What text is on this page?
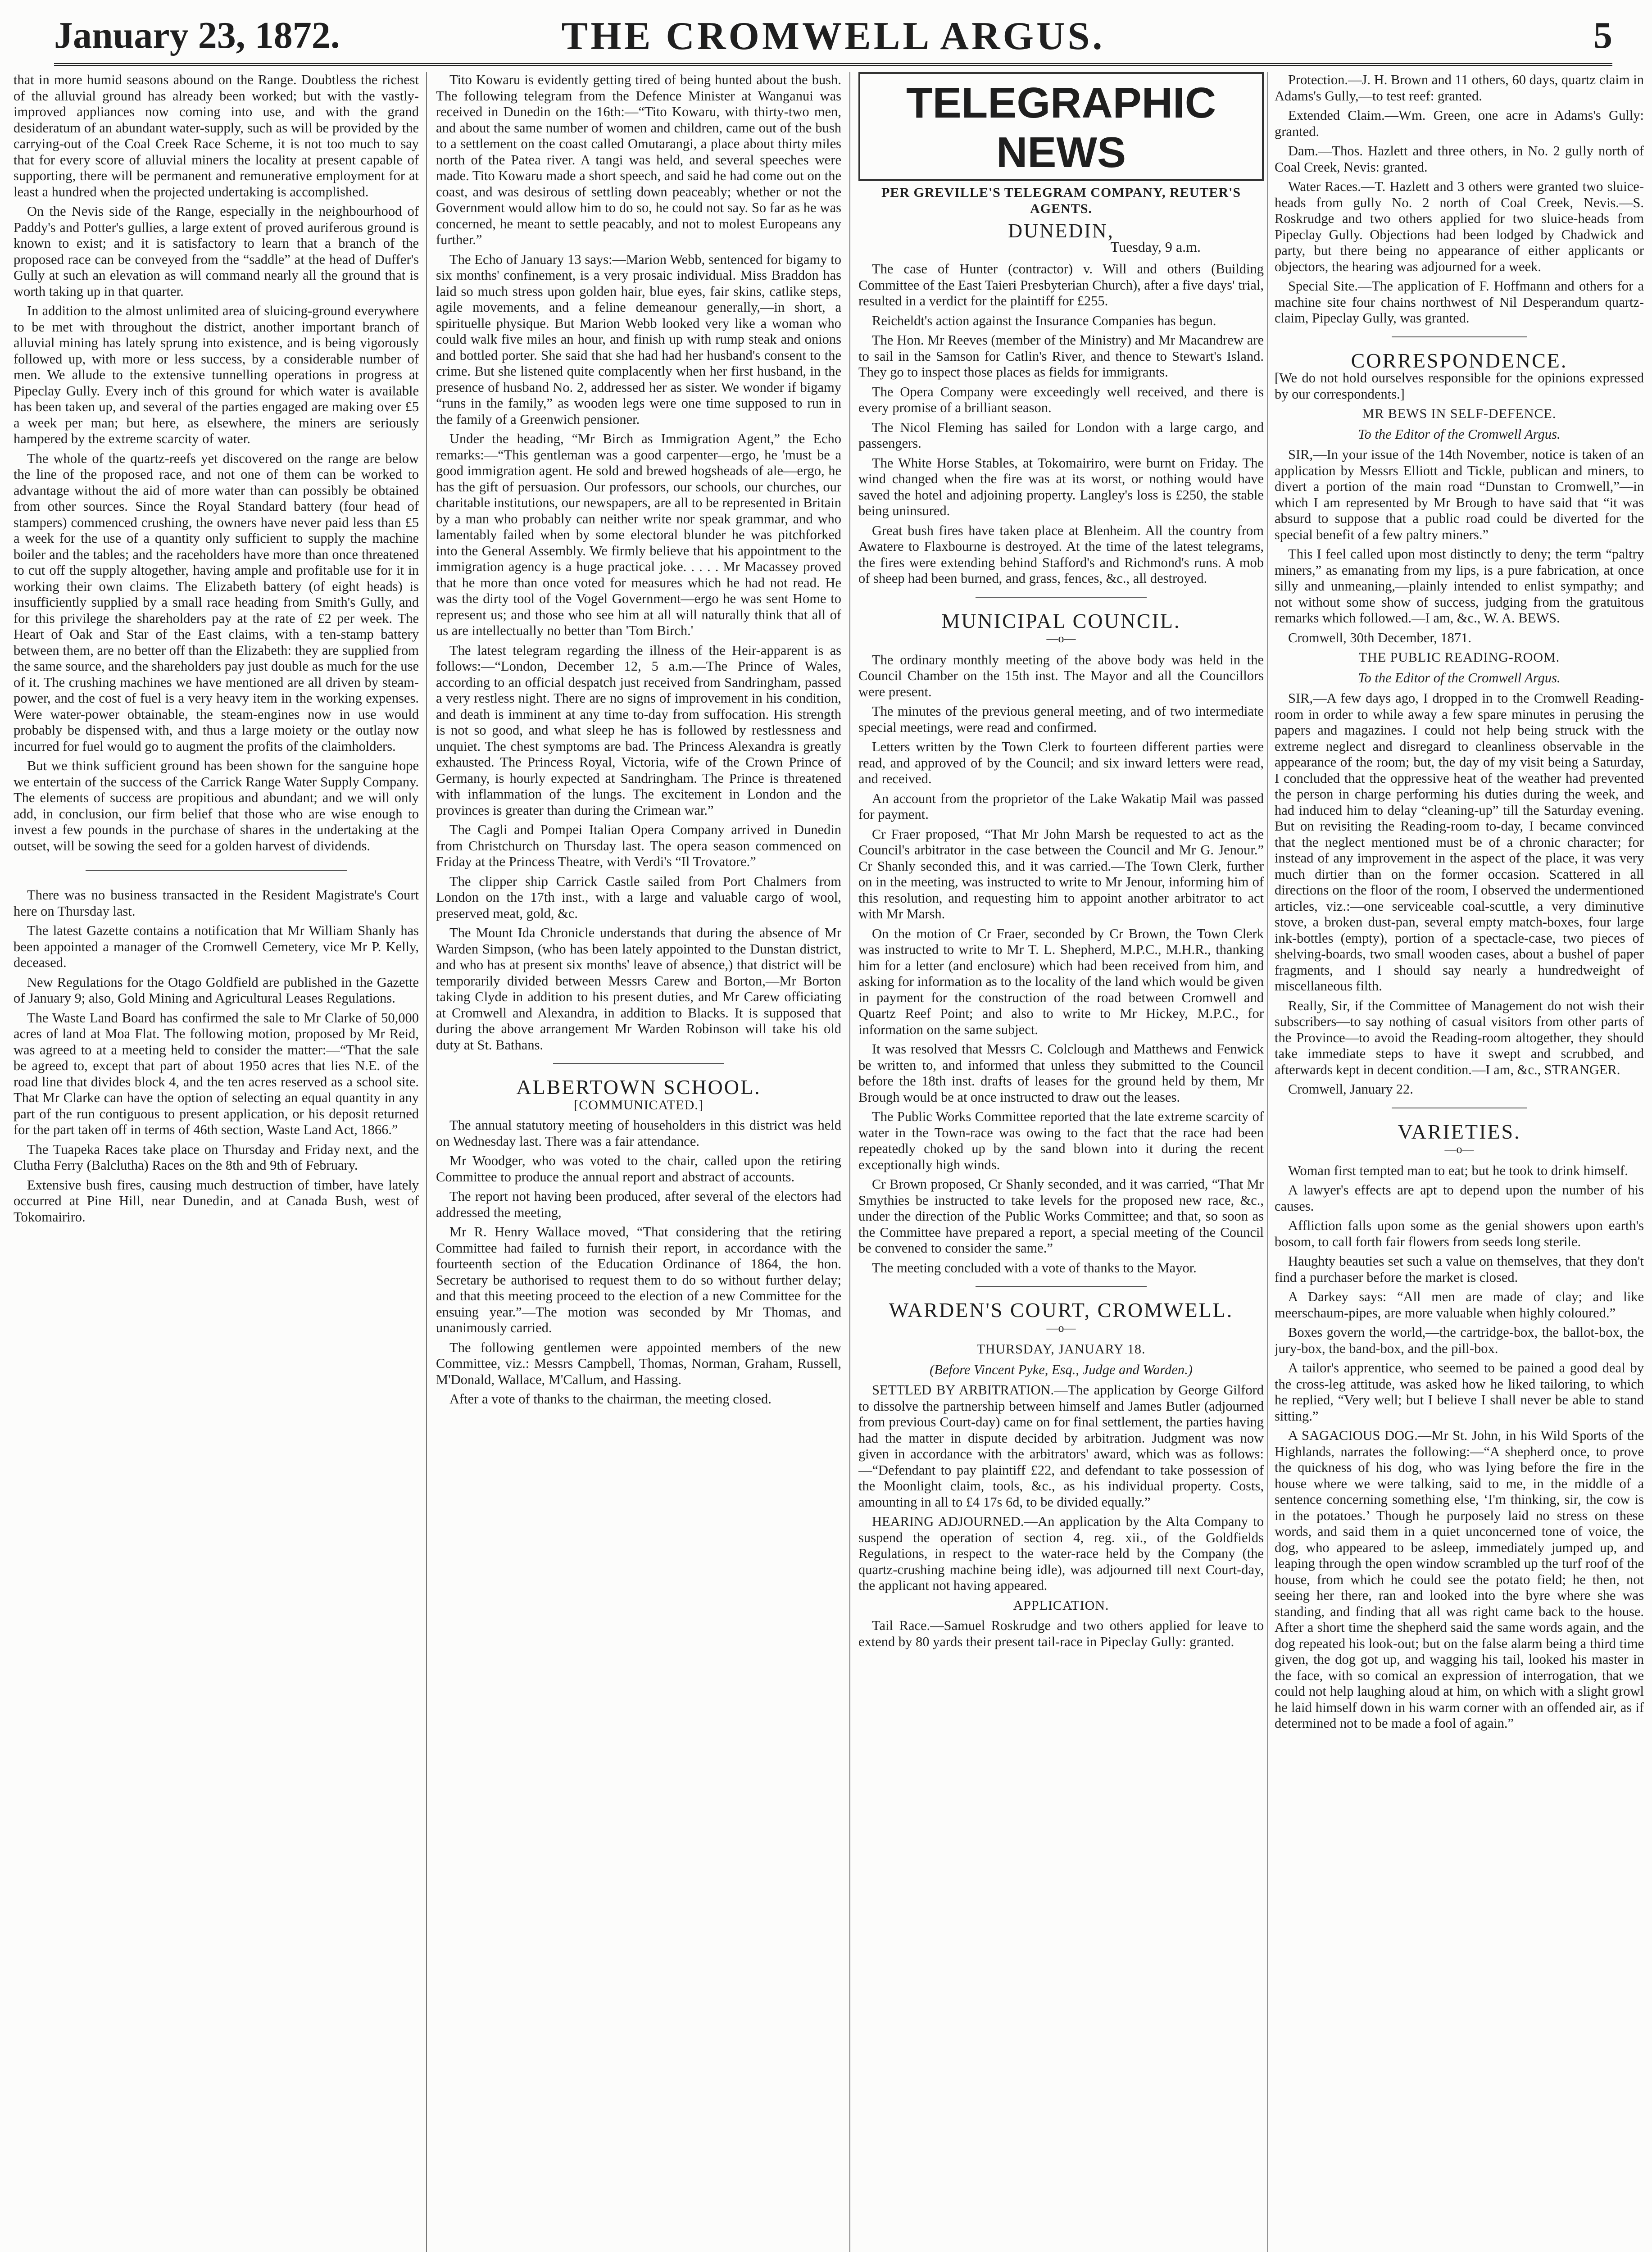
THE CROMWELL ARGUS.
January 23, 1872.	5

that in more humid seasons abound on the Range. Doubtless the richest of the alluvial ground has already been worked; but with the vastly-improved appliances now coming into use, and with the grand desideratum of an abundant water-supply, such as will be provided by the carrying-out of the Coal Creek Race Scheme, it is not too much to say that for every score of alluvial miners the locality at present capable of supporting, there will be permanent and remunerative employment for at least a hundred when the projected undertaking is accomplished.

On the Nevis side of the Range, especially in the neighbourhood of Paddy's and Potter's gullies, a large extent of proved auriferous ground is known to exist; and it is satisfactory to learn that a branch of the proposed race can be conveyed from the “saddle” at the head of Duffer's Gully at such an elevation as will command nearly all the ground that is worth taking up in that quarter.

In addition to the almost unlimited area of sluicing-ground everywhere to be met with throughout the district, another important branch of alluvial mining has lately sprung into existence, and is being vigorously followed up, with more or less success, by a considerable number of men. We allude to the extensive tunnelling operations in progress at Pipeclay Gully. Every inch of this ground for which water is available has been taken up, and several of the parties engaged are making over £5 a week per man; but here, as elsewhere, the miners are seriously hampered by the extreme scarcity of water.

The whole of the quartz-reefs yet discovered on the range are below the line of the proposed race, and not one of them can be worked to advantage without the aid of more water than can possibly be obtained from other sources. Since the Royal Standard battery (four head of stampers) commenced crushing, the owners have never paid less than £5 a week for the use of a quantity only sufficient to supply the machine boiler and the tables; and the raceholders have more than once threatened to cut off the supply altogether, having ample and profitable use for it in working their own claims. The Elizabeth battery (of eight heads) is insufficiently supplied by a small race heading from Smith's Gully, and for this privilege the shareholders pay at the rate of £2 per week. The Heart of Oak and Star of the East claims, with a ten-stamp battery between them, are no better off than the Elizabeth: they are supplied from the same source, and the shareholders pay just double as much for the use of it. The crushing machines we have mentioned are all driven by steam-power, and the cost of fuel is a very heavy item in the working expenses. Were water-power obtainable, the steam-engines now in use would probably be dispensed with, and thus a large moiety or the outlay now incurred for fuel would go to augment the profits of the claimholders.

But we think sufficient ground has been shown for the sanguine hope we entertain of the success of the Carrick Range Water Supply Company. The elements of success are propitious and abundant; and we will only add, in conclusion, our firm belief that those who are wise enough to invest a few pounds in the purchase of shares in the undertaking at the outset, will be sowing the seed for a golden harvest of dividends.

There was no business transacted in the Resident Magistrate's Court here on Thursday last.

The latest Gazette contains a notification that Mr William Shanly has been appointed a manager of the Cromwell Cemetery, vice Mr P. Kelly, deceased.

New Regulations for the Otago Goldfield are published in the Gazette of January 9; also, Gold Mining and Agricultural Leases Regulations.

The Waste Land Board has confirmed the sale to Mr Clarke of 50,000 acres of land at Moa Flat. The following motion, proposed by Mr Reid, was agreed to at a meeting held to consider the matter:—“That the sale be agreed to, except that part of about 1950 acres that lies N.E. of the road line that divides block 4, and the ten acres reserved as a school site. That Mr Clarke can have the option of selecting an equal quantity in any part of the run contiguous to present application, or his deposit returned for the part taken off in terms of 46th section, Waste Land Act, 1866.”

The Tuapeka Races take place on Thursday and Friday next, and the Clutha Ferry (Balclutha) Races on the 8th and 9th of February.

Extensive bush fires, causing much destruction of timber, have lately occurred at Pine Hill, near Dunedin, and at Canada Bush, west of Tokomairiro.

Tito Kowaru is evidently getting tired of being hunted about the bush. The following telegram from the Defence Minister at Wanganui was received in Dunedin on the 16th:—“Tito Kowaru, with thirty-two men, and about the same number of women and children, came out of the bush to a settlement on the coast called Omutarangi, a place about thirty miles north of the Patea river. A tangi was held, and several speeches were made. Tito Kowaru made a short speech, and said he had come out on the coast, and was desirous of settling down peaceably; whether or not the Government would allow him to do so, he could not say. So far as he was concerned, he meant to settle peacably, and not to molest Europeans any further.”

The Echo of January 13 says:—Marion Webb, sentenced for bigamy to six months' confinement, is a very prosaic individual. Miss Braddon has laid so much stress upon golden hair, blue eyes, fair skins, catlike steps, agile movements, and a feline demeanour generally,—in short, a spirituelle physique. But Marion Webb looked very like a woman who could walk five miles an hour, and finish up with rump steak and onions and bottled porter. She said that she had had her husband's consent to the crime. But she listened quite complacently when her first husband, in the presence of husband No. 2, addressed her as sister. We wonder if bigamy “runs in the family,” as wooden legs were one time supposed to run in the family of a Greenwich pensioner.

Under the heading, “Mr Birch as Immigration Agent,” the Echo remarks:—“This gentleman was a good carpenter—ergo, he 'must be a good immigration agent. He sold and brewed hogsheads of ale—ergo, he has the gift of persuasion. Our professors, our schools, our churches, our charitable institutions, our newspapers, are all to be represented in Britain by a man who probably can neither write nor speak grammar, and who lamentably failed when by some electoral blunder he was pitchforked into the General Assembly. We firmly believe that his appointment to the immigration agency is a huge practical joke. . . . . Mr Macassey proved that he more than once voted for measures which he had not read. He was the dirty tool of the Vogel Government—ergo he was sent Home to represent us; and those who see him at all will naturally think that all of us are intellectually no better than 'Tom Birch.'

The latest telegram regarding the illness of the Heir-apparent is as follows:—“London, December 12, 5 a.m.—The Prince of Wales, according to an official despatch just received from Sandringham, passed a very restless night. There are no signs of improvement in his condition, and death is imminent at any time to-day from suffocation. His strength is not so good, and what sleep he has is followed by restlessness and unquiet. The chest symptoms are bad. The Princess Alexandra is greatly exhausted. The Princess Royal, Victoria, wife of the Crown Prince of Germany, is hourly expected at Sandringham. The Prince is threatened with inflammation of the lungs. The excitement in London and the provinces is greater than during the Crimean war.”

The Cagli and Pompei Italian Opera Company arrived in Dunedin from Christchurch on Thursday last. The opera season commenced on Friday at the Princess Theatre, with Verdi's “Il Trovatore.”

The clipper ship Carrick Castle sailed from Port Chalmers from London on the 17th inst., with a large and valuable cargo of wool, preserved meat, gold, &c.

The Mount Ida Chronicle understands that during the absence of Mr Warden Simpson, (who has been lately appointed to the Dunstan district, and who has at present six months' leave of absence,) that district will be temporarily divided between Messrs Carew and Borton,—Mr Borton taking Clyde in addition to his present duties, and Mr Carew officiating at Cromwell and Alexandra, in addition to Blacks. It is supposed that during the above arrangement Mr Warden Robinson will take his old duty at St. Bathans.

ALBERTOWN SCHOOL.
[COMMUNICATED.]

The annual statutory meeting of householders in this district was held on Wednesday last. There was a fair attendance.

Mr Woodger, who was voted to the chair, called upon the retiring Committee to produce the annual report and abstract of accounts.

The report not having been produced, after several of the electors had addressed the meeting,

Mr R. Henry Wallace moved, “That considering that the retiring Committee had failed to furnish their report, in accordance with the fourteenth section of the Education Ordinance of 1864, the hon. Secretary be authorised to request them to do so without further delay; and that this meeting proceed to the election of a new Committee for the ensuing year.”—The motion was seconded by Mr Thomas, and unanimously carried.

The following gentlemen were appointed members of the new Committee, viz.: Messrs Campbell, Thomas, Norman, Graham, Russell, M'Donald, Wallace, M'Callum, and Hassing.

After a vote of thanks to the chairman, the meeting closed.

TELEGRAPHIC NEWS
PER GREVILLE'S TELEGRAM COMPANY, REUTER'S AGENTS.
DUNEDIN,
Tuesday, 9 a.m.

The case of Hunter (contractor) v. Will and others (Building Committee of the East Taieri Presbyterian Church), after a five days' trial, resulted in a verdict for the plaintiff for £255.

Reicheldt's action against the Insurance Companies has begun.

The Hon. Mr Reeves (member of the Ministry) and Mr Macandrew are to sail in the Samson for Catlin's River, and thence to Stewart's Island. They go to inspect those places as fields for immigrants.

The Opera Company were exceedingly well received, and there is every promise of a brilliant season.

The Nicol Fleming has sailed for London with a large cargo, and passengers.

The White Horse Stables, at Tokomairiro, were burnt on Friday. The wind changed when the fire was at its worst, or nothing would have saved the hotel and adjoining property. Langley's loss is £250, the stable being uninsured.

Great bush fires have taken place at Blenheim. All the country from Awatere to Flaxbourne is destroyed. At the time of the latest telegrams, the fires were extending behind Stafford's and Richmond's runs. A mob of sheep had been burned, and grass, fences, &c., all destroyed.

MUNICIPAL COUNCIL.
—o—

The ordinary monthly meeting of the above body was held in the Council Chamber on the 15th inst. The Mayor and all the Councillors were present.

The minutes of the previous general meeting, and of two intermediate special meetings, were read and confirmed.

Letters written by the Town Clerk to fourteen different parties were read, and approved of by the Council; and six inward letters were read, and received.

An account from the proprietor of the Lake Wakatip Mail was passed for payment.

Cr Fraer proposed, “That Mr John Marsh be requested to act as the Council's arbitrator in the case between the Council and Mr G. Jenour.” Cr Shanly seconded this, and it was carried.—The Town Clerk, further on in the meeting, was instructed to write to Mr Jenour, informing him of this resolution, and requesting him to appoint another arbitrator to act with Mr Marsh.

On the motion of Cr Fraer, seconded by Cr Brown, the Town Clerk was instructed to write to Mr T. L. Shepherd, M.P.C., M.H.R., thanking him for a letter (and enclosure) which had been received from him, and asking for information as to the locality of the land which would be given in payment for the construction of the road between Cromwell and Quartz Reef Point; and also to write to Mr Hickey, M.P.C., for information on the same subject.

It was resolved that Messrs C. Colclough and Matthews and Fenwick be written to, and informed that unless they submitted to the Council before the 18th inst. drafts of leases for the ground held by them, Mr Brough would be at once instructed to draw out the leases.

The Public Works Committee reported that the late extreme scarcity of water in the Town-race was owing to the fact that the race had been repeatedly choked up by the sand blown into it during the recent exceptionally high winds.

Cr Brown proposed, Cr Shanly seconded, and it was carried, “That Mr Smythies be instructed to take levels for the proposed new race, &c., under the direction of the Public Works Committee; and that, so soon as the Committee have prepared a report, a special meeting of the Council be convened to consider the same.”

The meeting concluded with a vote of thanks to the Mayor.

WARDEN'S COURT, CROMWELL.
—o—
THURSDAY, JANUARY 18.
(Before Vincent Pyke, Esq., Judge and Warden.)

SETTLED BY ARBITRATION.—The application by George Gilford to dissolve the partnership between himself and James Butler (adjourned from previous Court-day) came on for final settlement, the parties having had the matter in dispute decided by arbitration. Judgment was now given in accordance with the arbitrators' award, which was as follows:—“Defendant to pay plaintiff £22, and defendant to take possession of the Moonlight claim, tools, &c., as his individual property. Costs, amounting in all to £4 17s 6d, to be divided equally.”

HEARING ADJOURNED.—An application by the Alta Company to suspend the operation of section 4, reg. xii., of the Goldfields Regulations, in respect to the water-race held by the Company (the quartz-crushing machine being idle), was adjourned till next Court-day, the applicant not having appeared.

APPLICATION.

Tail Race.—Samuel Roskrudge and two others applied for leave to extend by 80 yards their present tail-race in Pipeclay Gully: granted.

Protection.—J. H. Brown and 11 others, 60 days, quartz claim in Adams's Gully,—to test reef: granted.

Extended Claim.—Wm. Green, one acre in Adams's Gully: granted.

Dam.—Thos. Hazlett and three others, in No. 2 gully north of Coal Creek, Nevis: granted.

Water Races.—T. Hazlett and 3 others were granted two sluice-heads from gully No. 2 north of Coal Creek, Nevis.—S. Roskrudge and two others applied for two sluice-heads from Pipeclay Gully. Objections had been lodged by Chadwick and party, but there being no appearance of either applicants or objectors, the hearing was adjourned for a week.

Special Site.—The application of F. Hoffmann and others for a machine site four chains northwest of Nil Desperandum quartz-claim, Pipeclay Gully, was granted.

CORRESPONDENCE.

[We do not hold ourselves responsible for the opinions expressed by our correspondents.]

MR BEWS IN SELF-DEFENCE.
To the Editor of the Cromwell Argus.

SIR,—In your issue of the 14th November, notice is taken of an application by Messrs Elliott and Tickle, publican and miners, to divert a portion of the main road “Dunstan to Cromwell,”—in which I am represented by Mr Brough to have said that “it was absurd to suppose that a public road could be diverted for the special benefit of a few paltry miners.”

This I feel called upon most distinctly to deny; the term “paltry miners,” as emanating from my lips, is a pure fabrication, at once silly and unmeaning,—plainly intended to enlist sympathy; and not without some show of success, judging from the gratuitous remarks which followed.—I am, &c., W. A. BEWS.

Cromwell, 30th December, 1871.

THE PUBLIC READING-ROOM.
To the Editor of the Cromwell Argus.

SIR,—A few days ago, I dropped in to the Cromwell Reading-room in order to while away a few spare minutes in perusing the papers and magazines. I could not help being struck with the extreme neglect and disregard to cleanliness observable in the appearance of the room; but, the day of my visit being a Saturday, I concluded that the oppressive heat of the weather had prevented the person in charge performing his duties during the week, and had induced him to delay “cleaning-up” till the Saturday evening. But on revisiting the Reading-room to-day, I became convinced that the neglect mentioned must be of a chronic character; for instead of any improvement in the aspect of the place, it was very much dirtier than on the former occasion. Scattered in all directions on the floor of the room, I observed the undermentioned articles, viz.:—one serviceable coal-scuttle, a very diminutive stove, a broken dust-pan, several empty match-boxes, four large ink-bottles (empty), portion of a spectacle-case, two pieces of shelving-boards, two small wooden cases, about a bushel of paper fragments, and I should say nearly a hundredweight of miscellaneous filth.

Really, Sir, if the Committee of Management do not wish their subscribers—to say nothing of casual visitors from other parts of the Province—to avoid the Reading-room altogether, they should take immediate steps to have it swept and scrubbed, and afterwards kept in decent condition.—I am, &c., STRANGER.

Cromwell, January 22.

VARIETIES.
—o—

Woman first tempted man to eat; but he took to drink himself.

A lawyer's effects are apt to depend upon the number of his causes.

Affliction falls upon some as the genial showers upon earth's bosom, to call forth fair flowers from seeds long sterile.

Haughty beauties set such a value on themselves, that they don't find a purchaser before the market is closed.

A Darkey says: “All men are made of clay; and like meerschaum-pipes, are more valuable when highly coloured.”

Boxes govern the world,—the cartridge-box, the ballot-box, the jury-box, the band-box, and the pill-box.

A tailor's apprentice, who seemed to be pained a good deal by the cross-leg attitude, was asked how he liked tailoring, to which he replied, “Very well; but I believe I shall never be able to stand sitting.”

A SAGACIOUS DOG.—Mr St. John, in his Wild Sports of the Highlands, narrates the following:—“A shepherd once, to prove the quickness of his dog, who was lying before the fire in the house where we were talking, said to me, in the middle of a sentence concerning something else, ‘I'm thinking, sir, the cow is in the potatoes.’ Though he purposely laid no stress on these words, and said them in a quiet unconcerned tone of voice, the dog, who appeared to be asleep, immediately jumped up, and leaping through the open window scrambled up the turf roof of the house, from which he could see the potato field; he then, not seeing her there, ran and looked into the byre where she was standing, and finding that all was right came back to the house. After a short time the shepherd said the same words again, and the dog repeated his look-out; but on the false alarm being a third time given, the dog got up, and wagging his tail, looked his master in the face, with so comical an expression of interrogation, that we could not help laughing aloud at him, on which with a slight growl he laid himself down in his warm corner with an offended air, as if determined not to be made a fool of again.”
